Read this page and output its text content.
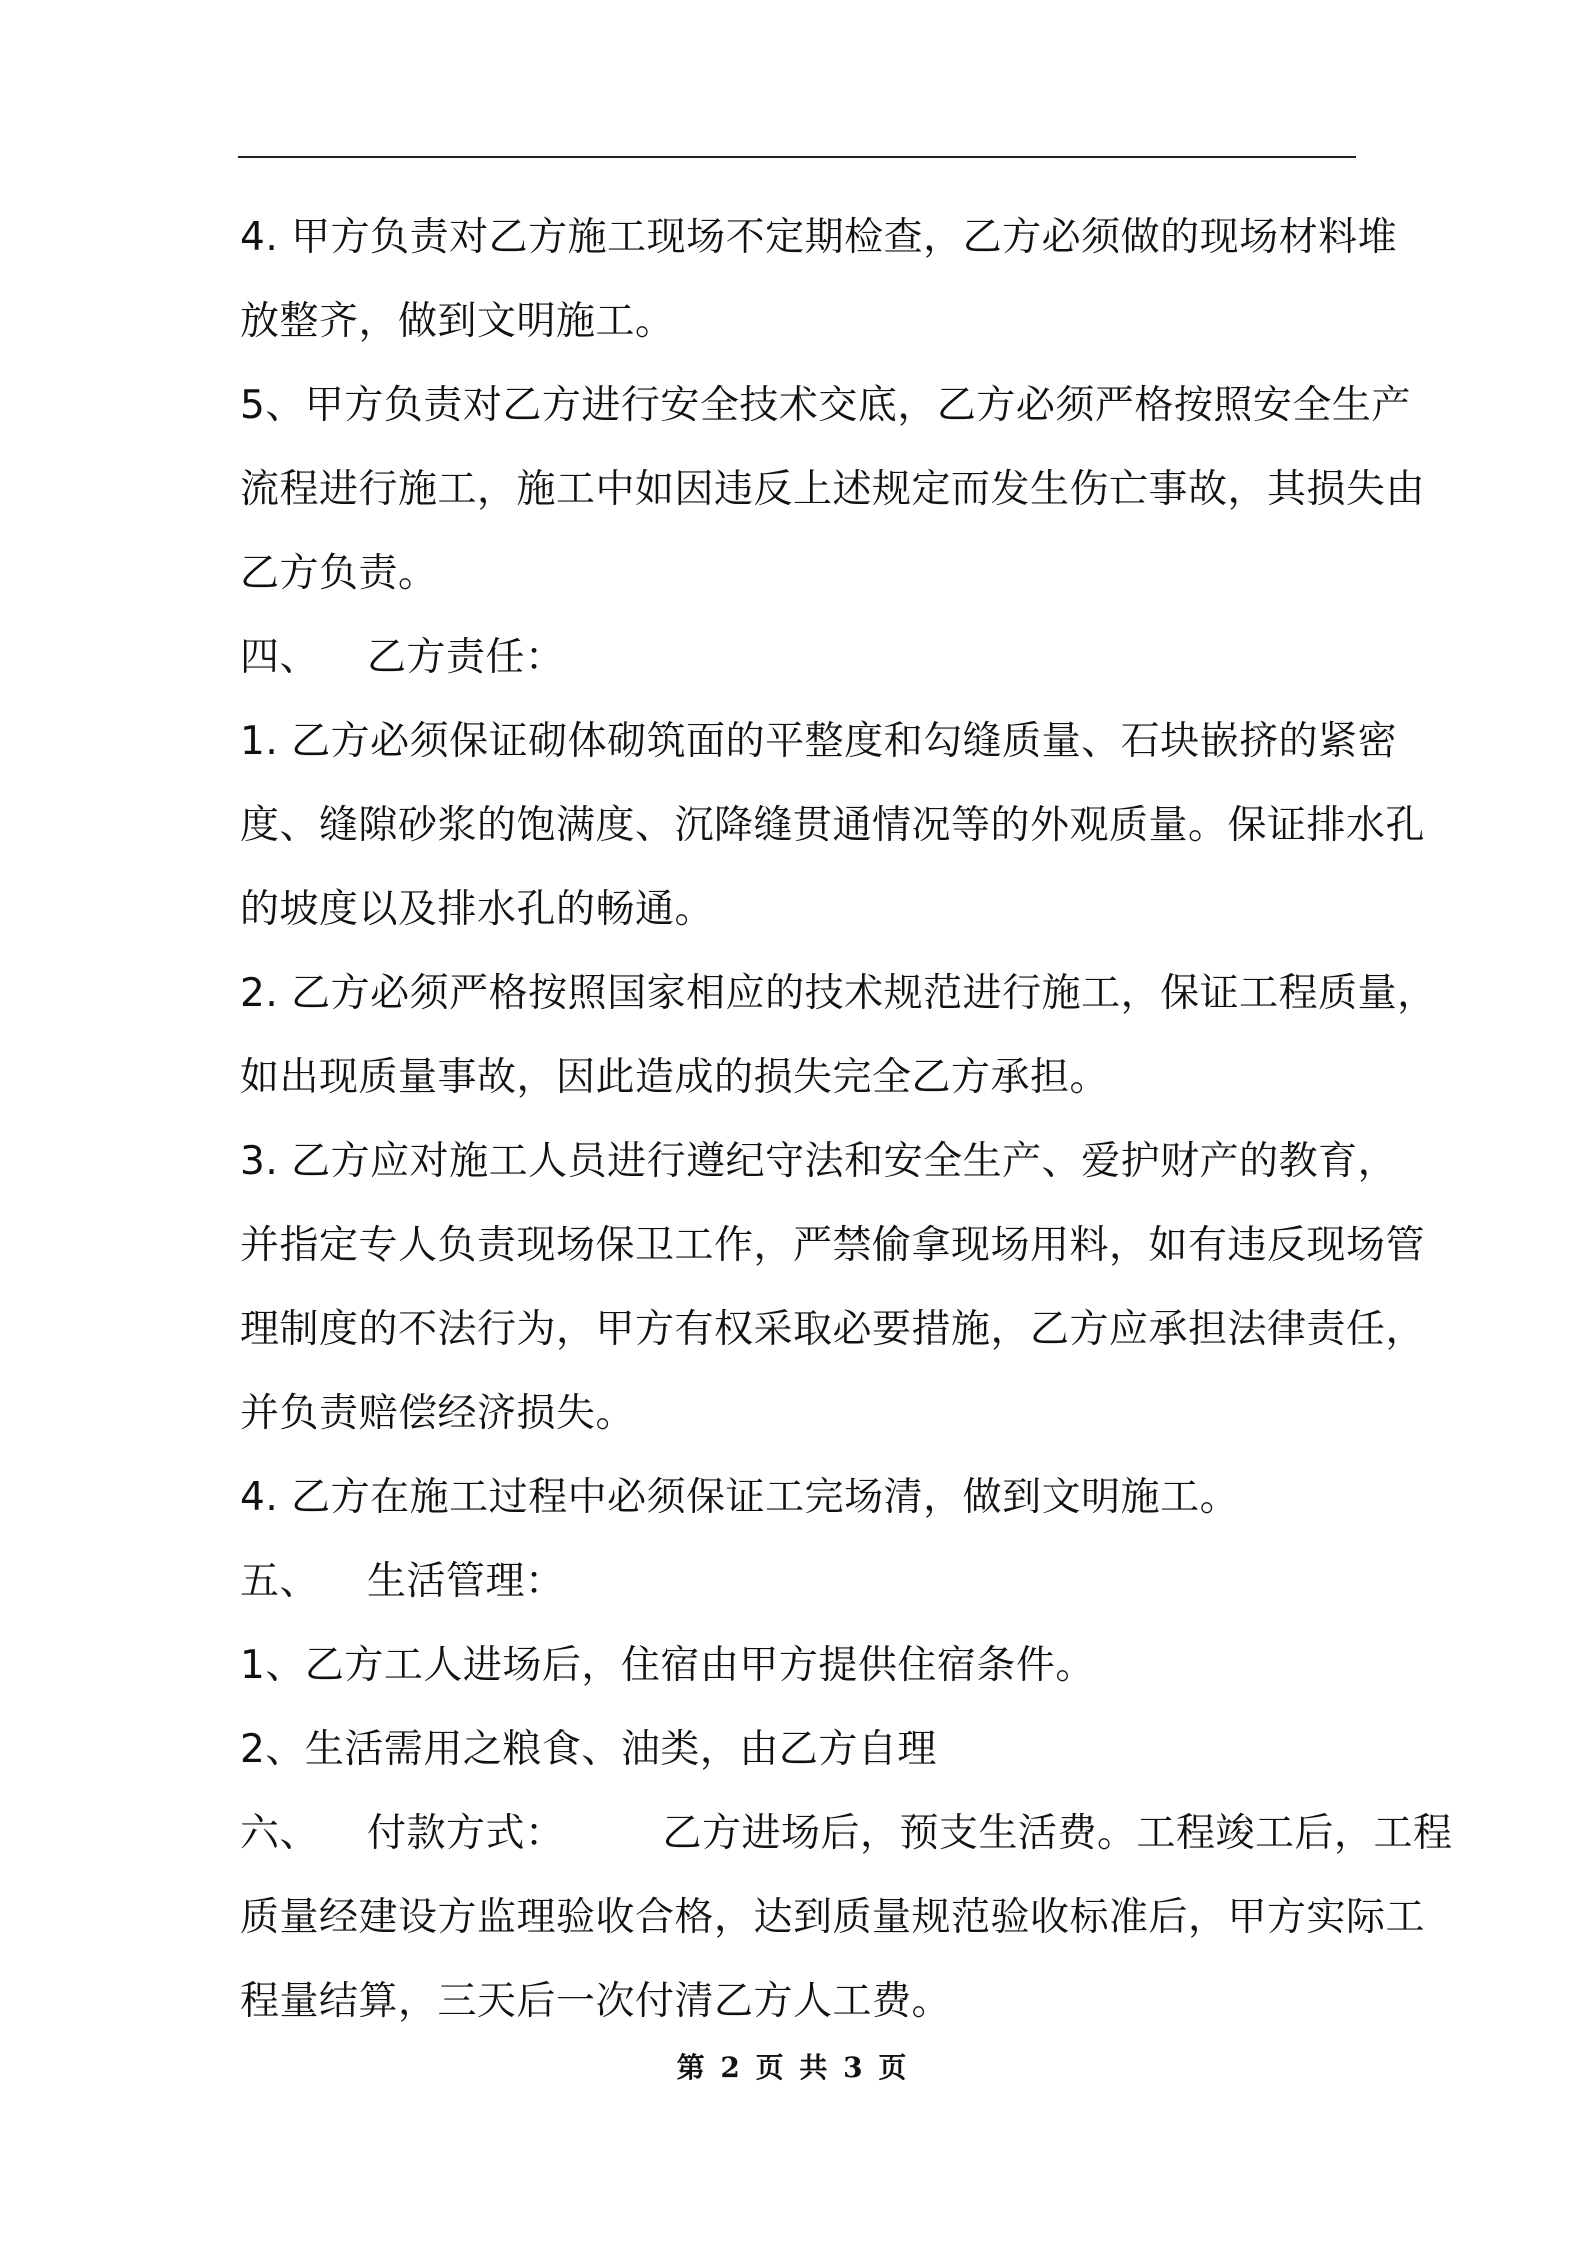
4. 甲方负责对乙方施工现场不定期检查，乙方必须做的现场材料堆

放整齐，做到文明施工。

5、甲方负责对乙方进行安全技术交底，乙方必须严格按照安全生产

流程进行施工，施工中如因违反上述规定而发生伤亡事故，其损失由

乙方负责。

四、 乙方责任：

1. 乙方必须保证砌体砌筑面的平整度和勾缝质量、石块嵌挤的紧密

度、缝隙砂浆的饱满度、沉降缝贯通情况等的外观质量。保证排水孔

的坡度以及排水孔的畅通。

2. 乙方必须严格按照国家相应的技术规范进行施工，保证工程质量，

如出现质量事故，因此造成的损失完全乙方承担。

3. 乙方应对施工人员进行遵纪守法和安全生产、爱护财产的教育，

并指定专人负责现场保卫工作，严禁偷拿现场用料，如有违反现场管

理制度的不法行为，甲方有权采取必要措施，乙方应承担法律责任，

并负责赔偿经济损失。

4. 乙方在施工过程中必须保证工完场清，做到文明施工。

五、 生活管理：

1、乙方工人进场后，住宿由甲方提供住宿条件。

2、生活需用之粮食、油类，由乙方自理

六、 付款方式：	乙方进场后，预支生活费。工程竣工后，工程

质量经建设方监理验收合格，达到质量规范验收标准后，甲方实际工

程量结算，三天后一次付清乙方人工费。

第 2 页 共 3 页
